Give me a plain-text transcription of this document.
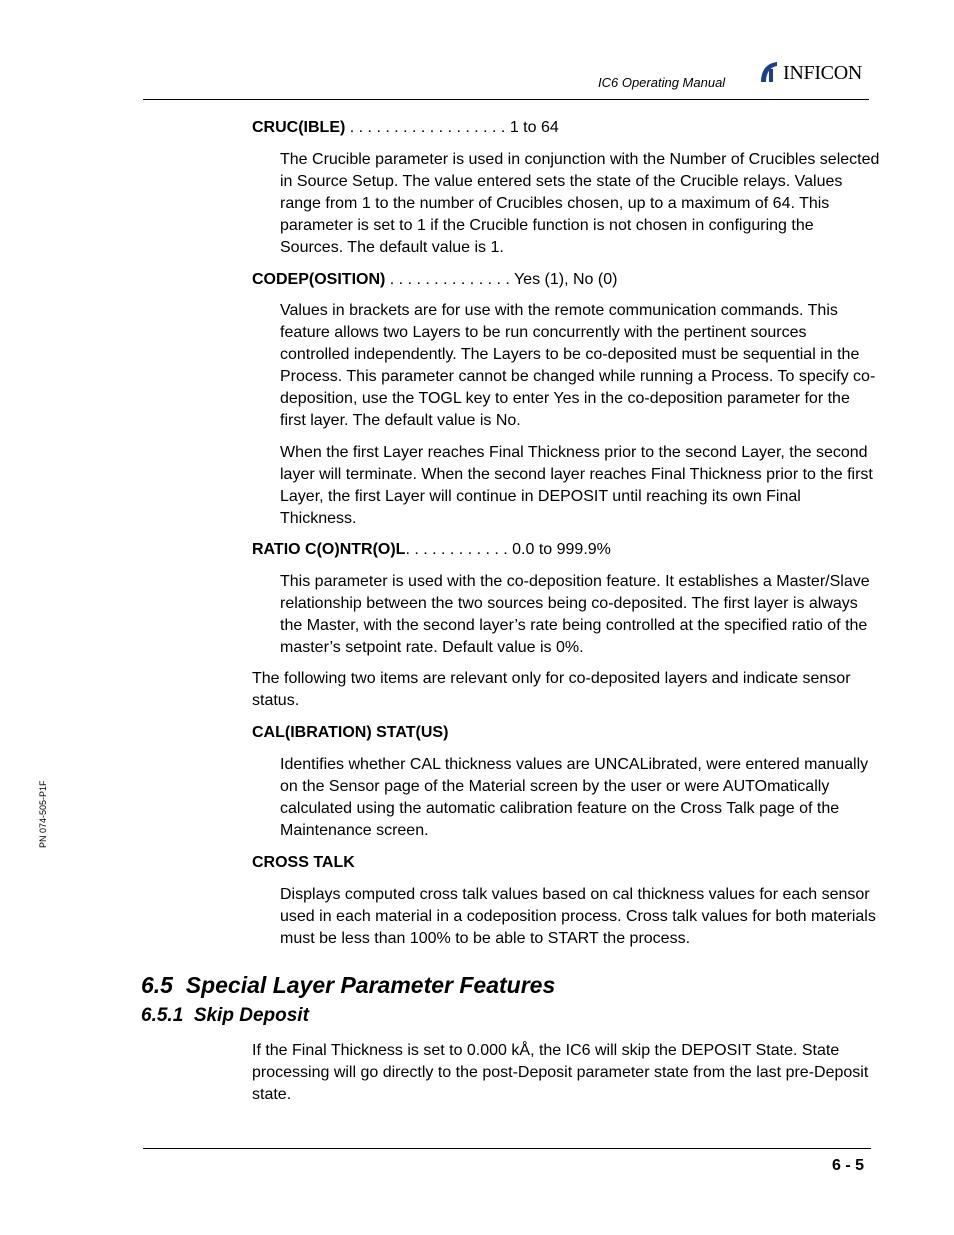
IC6 Operating Manual	INFICON
PN 074-505-P1F
CRUC(IBLE) . . . . . . . . . . . . . . . . . . 1 to 64
The Crucible parameter is used in conjunction with the Number of Crucibles selected in Source Setup. The value entered sets the state of the Crucible relays. Values range from 1 to the number of Crucibles chosen, up to a maximum of 64. This parameter is set to 1 if the Crucible function is not chosen in configuring the Sources. The default value is 1.
CODEP(OSITION) . . . . . . . . . . . . . . Yes (1), No (0)
Values in brackets are for use with the remote communication commands. This feature allows two Layers to be run concurrently with the pertinent sources controlled independently. The Layers to be co-deposited must be sequential in the Process. This parameter cannot be changed while running a Process. To specify co-deposition, use the TOGL key to enter Yes in the co-deposition parameter for the first layer. The default value is No.
When the first Layer reaches Final Thickness prior to the second Layer, the second layer will terminate. When the second layer reaches Final Thickness prior to the first Layer, the first Layer will continue in DEPOSIT until reaching its own Final Thickness.
RATIO C(O)NTR(O)L. . . . . . . . . . . . 0.0 to 999.9%
This parameter is used with the co-deposition feature. It establishes a Master/Slave relationship between the two sources being co-deposited. The first layer is always the Master, with the second layer’s rate being controlled at the specified ratio of the master’s setpoint rate. Default value is 0%.
The following two items are relevant only for co-deposited layers and indicate sensor status.
CAL(IBRATION) STAT(US)
Identifies whether CAL thickness values are UNCALibrated, were entered manually on the Sensor page of the Material screen by the user or were AUTOmatically calculated using the automatic calibration feature on the Cross Talk page of the Maintenance screen.
CROSS TALK
Displays computed cross talk values based on cal thickness values for each sensor used in each material in a codeposition process. Cross talk values for both materials must be less than 100% to be able to START the process.
6.5  Special Layer Parameter Features
6.5.1  Skip Deposit
If the Final Thickness is set to 0.000 kÅ, the IC6 will skip the DEPOSIT State. State processing will go directly to the post-Deposit parameter state from the last pre-Deposit state.
6 - 5
